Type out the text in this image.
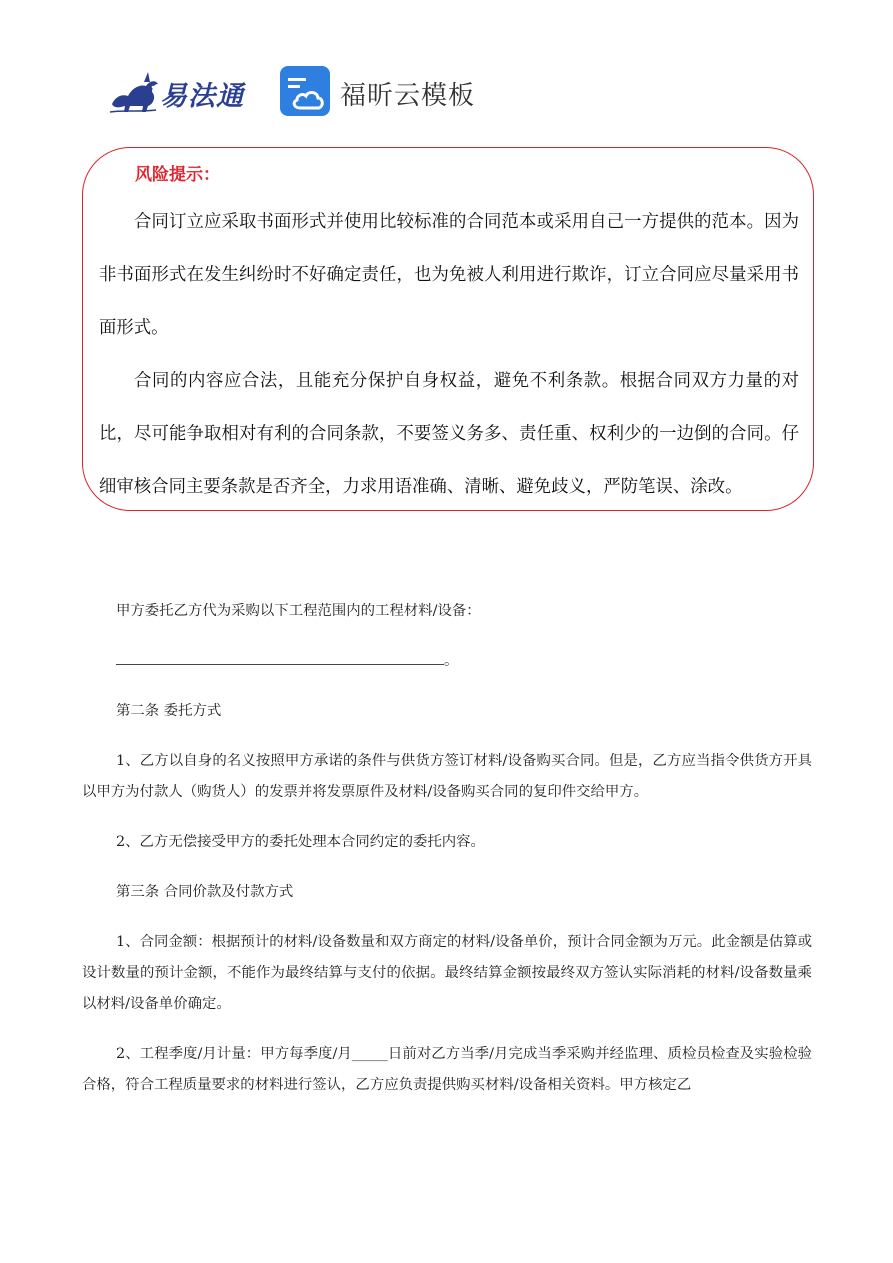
易法通	福昕云模板
风险提示：

合同订立应采取书面形式并使用比较标准的合同范本或采用自己一方提供的范本。因为非书面形式在发生纠纷时不好确定责任，也为免被人利用进行欺诈，订立合同应尽量采用书面形式。

合同的内容应合法，且能充分保护自身权益，避免不利条款。根据合同双方力量的对比，尽可能争取相对有利的合同条款，不要签义务多、责任重、权利少的一边倒的合同。仔细审核合同主要条款是否齐全，力求用语准确、清晰、避免歧义，严防笔误、涂改。

甲方委托乙方代为采购以下工程范围内的工程材料/设备：

。

第二条 委托方式

1、乙方以自身的名义按照甲方承诺的条件与供货方签订材料/设备购买合同。但是，乙方应当指令供货方开具以甲方为付款人（购货人）的发票并将发票原件及材料/设备购买合同的复印件交给甲方。

2、乙方无偿接受甲方的委托处理本合同约定的委托内容。

第三条 合同价款及付款方式

1、合同金额：根据预计的材料/设备数量和双方商定的材料/设备单价，预计合同金额为万元。此金额是估算或设计数量的预计金额，不能作为最终结算与支付的依据。最终结算金额按最终双方签认实际消耗的材料/设备数量乘以材料/设备单价确定。

2、工程季度/月计量：甲方每季度/月_____日前对乙方当季/月完成当季采购并经监理、质检员检查及实验检验合格，符合工程质量要求的材料进行签认，乙方应负责提供购买材料/设备相关资料。甲方核定乙
